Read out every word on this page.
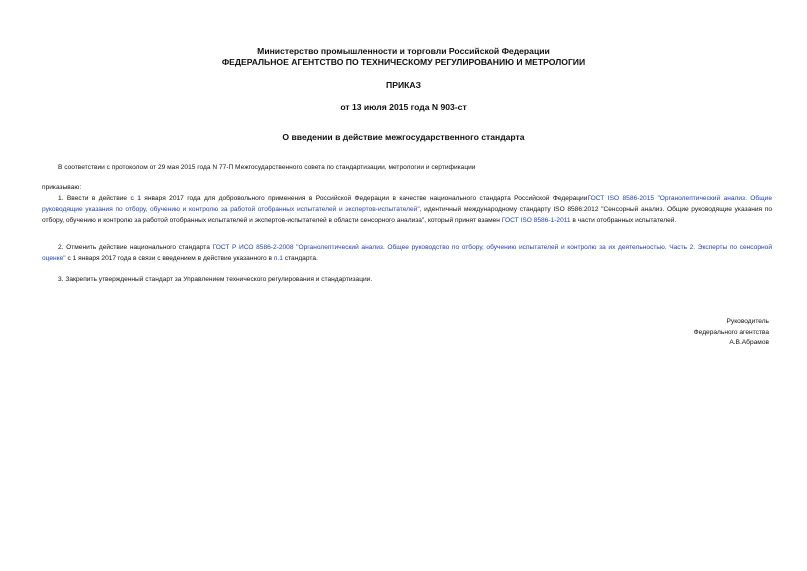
Министерство промышленности и торговли Российской Федерации
ФЕДЕРАЛЬНОЕ АГЕНТСТВО ПО ТЕХНИЧЕСКОМУ РЕГУЛИРОВАНИЮ И МЕТРОЛОГИИ
ПРИКАЗ
от 13 июля 2015 года N 903-ст
О введении в действие межгосударственного стандарта
В соответствии с протоколом от 29 мая 2015 года N 77-П Межгосударственного совета по стандартизации, метрологии и сертификации
приказываю:
1. Ввести в действие с 1 января 2017 года для добровольного применения в Российской Федерации в качестве национального стандарта Российской ФедерацииГОСТ ISO 8586-2015 "Органолептический анализ. Общие руководящие указания по отбору, обучению и контролю за работой отобранных испытателей и экспертов-испытателей", идентичный международному стандарту ISO 8586:2012 "Сенсорный анализ. Общие руководящие указания по отбору, обучению и контролю за работой отобранных испытателей и экспертов-испытателей в области сенсорного анализа", который принят взамен ГОСТ ISO 8586-1-2011 в части отобранных испытателей.
2. Отменить действие национального стандарта ГОСТ Р ИСО 8586-2-2008 "Органолептический анализ. Общее руководство по отбору, обучению испытателей и контролю за их деятельностью. Часть 2. Эксперты по сенсорной оценке" с 1 января 2017 года в связи с введением в действие указанного в п.1 стандарта.
3. Закрепить утвержденный стандарт за Управлением технического регулирования и стандартизации.
Руководитель
Федерального агентства
А.В.Абрамов
